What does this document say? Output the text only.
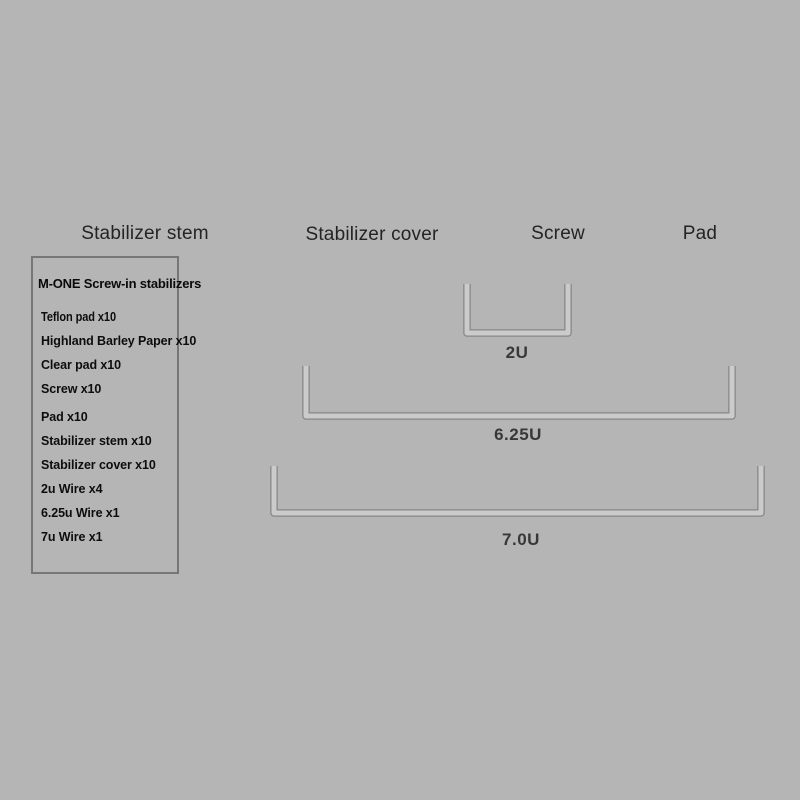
Stabilizer stem	Stabilizer cover	Screw	Pad
M-ONE Screw-in stabilizers
Teflon pad x10
Highland Barley Paper x10
Clear pad x10
Screw x10
Pad x10
Stabilizer stem x10
Stabilizer cover x10
2u Wire x4
6.25u Wire x1
7u Wire x1
2U
6.25U
7.0U
